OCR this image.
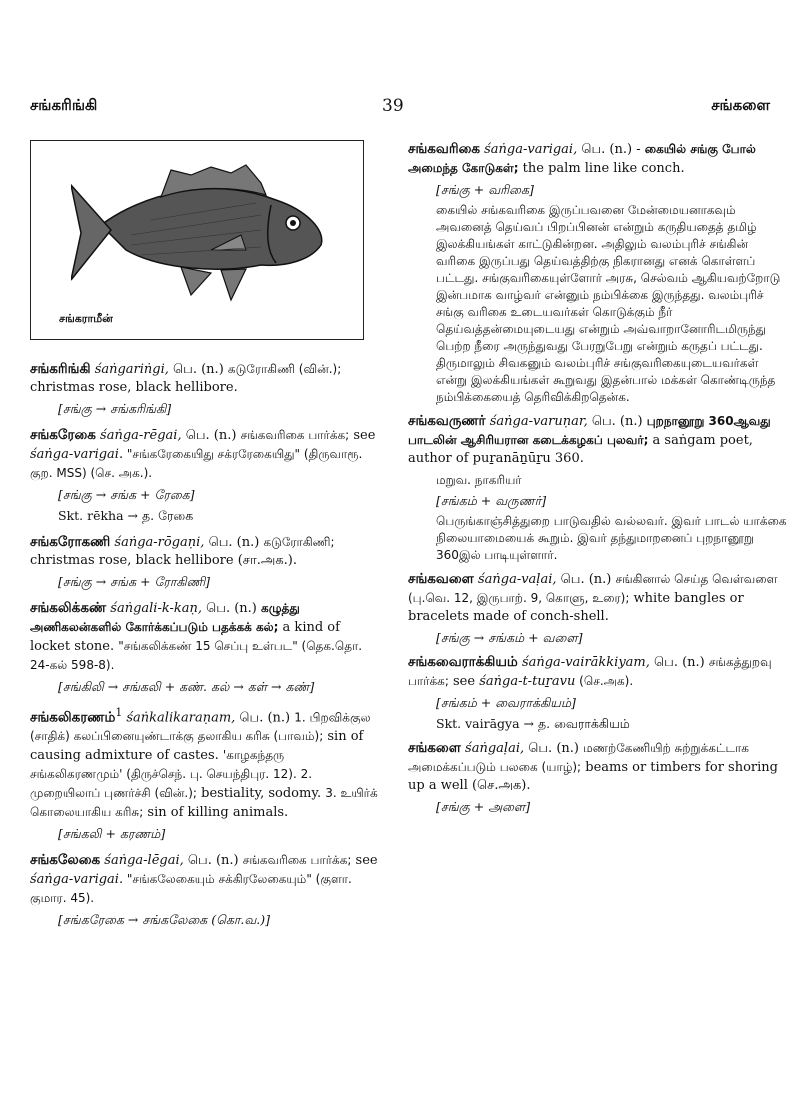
சங்கரிங்கி	39	சங்களை
சங்கராமீன்
சங்கரிங்கி śaṅgariṅgi, பெ. (n.) கடுரோகிணி (வின்.); christmas rose, black hellibore.
[சங்கு → சங்கரிங்கி]
சங்கரேகை śaṅga-rēgai, பெ. (n.) சங்கவரிகை பார்க்க; see śaṅga-varigai. "சங்கரேகையிது சக்ரரேகையிது" (திருவாரூ. குற. MSS) (செ. அக.).
[சங்கு → சங்க + ரேகை]
Skt. rēkha → த. ரேகை
சங்கரோகணி śaṅga-rōgaṇi, பெ. (n.) கடுரோகிணி; christmas rose, black hellibore (சா.அக.).
[சங்கு → சங்க + ரோகிணி]
சங்கலிக்கண் śaṅgali-k-kaṇ, பெ. (n.) கழுத்து அணிகலன்களில் கோர்க்கப்படும் பதக்கக் கல்; a kind of locket stone. "சங்கலிக்கண் 15 செப்பு உள்பட" (தெக.தொ. 24-கல் 598-8).
[சங்கிலி → சங்கலி + கண். கல் → கள் → கண்]
சங்கலிகரணம்$^1$ śaṅkalikaraṇam, பெ. (n.) 1. பிறவிக்குல (சாதிக்) கலப்பினையுண்டாக்கு தலாகிய கரிசு (பாவம்); sin of causing admixture of castes. 'காழகந்தரு சங்கலிகரணமும்' (திருச்செந். பு. செயந்திபுர. 12). 2. முறையிலாப் புணர்ச்சி (வின்.); bestiality, sodomy. 3. உயிர்க் கொலையாகிய கரிசு; sin of killing animals.
[சங்கலி + கரணம்]
சங்கலேகை śaṅga-lēgai, பெ. (n.) சங்கவரிகை பார்க்க; see śaṅga-varigai. "சங்கலேகையும் சக்கிரலேகையும்" (குளா. குமார. 45).
[சங்கரேகை → சங்கலேகை (கொ.வ.)]
சங்கவரிகை śaṅga-varigai, பெ. (n.) - கையில் சங்கு போல் அமைந்த கோடுகள்; the palm line like conch.
[சங்கு + வரிகை]
கையில் சங்கவரிகை இருப்பவனை மேன்மையனாகவும் அவனைத் தெய்வப் பிறப்பினன் என்றும் கருதியதைத் தமிழ் இலக்கியங்கள் காட்டுகின்றன. அதிலும் வலம்புரிச் சங்கின் வரிகை இருப்பது தெய்வத்திற்கு நிகரானது எனக் கொள்ளப் பட்டது. சங்குவரிகையுள்ளோர் அரசு, செல்வம் ஆகியவற்றோடு இன்பமாக வாழ்வர் என்னும் நம்பிக்கை இருந்தது. வலம்புரிச் சங்கு வரிகை உடையவர்கள் கொடுக்கும் நீர் தெய்வத்தன்மையுடையது என்றும் அவ்வாறானோரிடமிருந்து பெற்ற நீரை அருந்துவது பேரறுபேறு என்றும் கருதப் பட்டது. திருமாலும் சிவகனும் வலம்புரிச் சங்குவரிகையுடையவர்கள் என்று இலக்கியங்கள் கூறுவது இதன்பால் மக்கள் கொண்டிருந்த நம்பிக்கையைத் தெரிவிக்கிறதென்க.
சங்கவருணர் śaṅga-varuṇar, பெ. (n.) புறநானூறு 360ஆவது பாடலின் ஆசிரியரான கடைக்கழகப் புலவர்; a saṅgam poet, author of puṟanāṉūṟu 360.
மறுவ. நாகரியர்
[சங்கம் + வருணர்]
பெருங்காஞ்சித்துறை பாடுவதில் வல்லவர். இவர் பாடல் யாக்கை நிலையாமையைக் கூறும். இவர் தந்துமாறனைப் புறநானூறு 360இல் பாடியுள்ளார்.
சங்கவளை śaṅga-vaḷai, பெ. (n.) சங்கினால் செய்த வெள்வளை (பு.வெ. 12, இருபாற். 9, கொளு, உரை); white bangles or bracelets made of conch-shell.
[சங்கு → சங்கம் + வளை]
சங்கவைராக்கியம் śaṅga-vairākkiyam, பெ. (n.) சங்கத்துறவு பார்க்க; see śaṅga-t-tuṟavu (செ.அக).
[சங்கம் + வைராக்கியம்]
Skt. vairāgya → த. வைராக்கியம்
சங்களை śaṅgaḷai, பெ. (n.) மணற்கேணியிற் சுற்றுக்கட்டாக அமைக்கப்படும் பலகை (யாழ்); beams or timbers for shoring up a well (செ.அக).
[சங்கு + அளை]
